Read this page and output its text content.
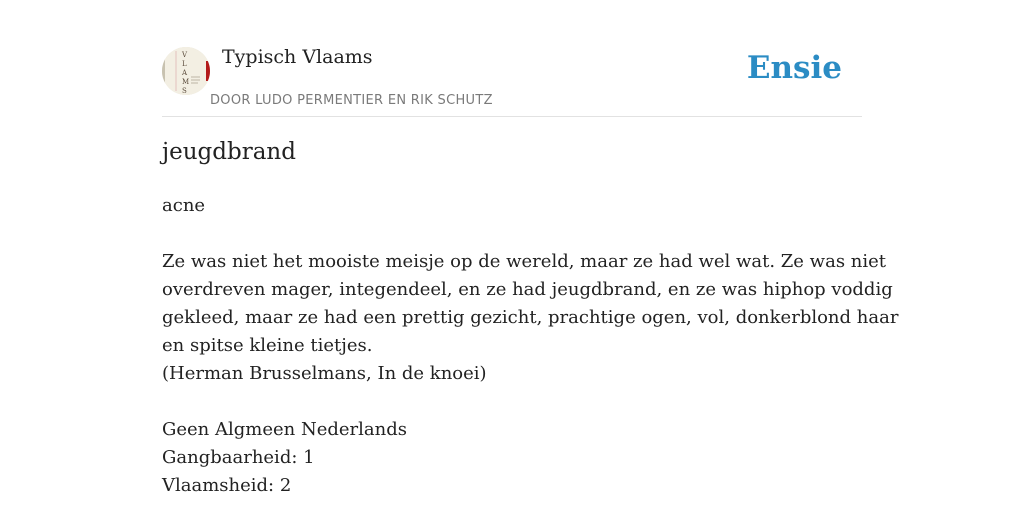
V
L
A
M
S
Typisch Vlaams
DOOR LUDO PERMENTIER EN RIK SCHUTZ
Ensie
jeugdbrand
acne
Ze was niet het mooiste meisje op de wereld, maar ze had wel wat. Ze was niet
overdreven mager, integendeel, en ze had jeugdbrand, en ze was hiphop voddig
gekleed, maar ze had een prettig gezicht, prachtige ogen, vol, donkerblond haar
en spitse kleine tietjes.
(Herman Brusselmans, In de knoei)
Geen Algmeen Nederlands
Gangbaarheid: 1
Vlaamsheid: 2
